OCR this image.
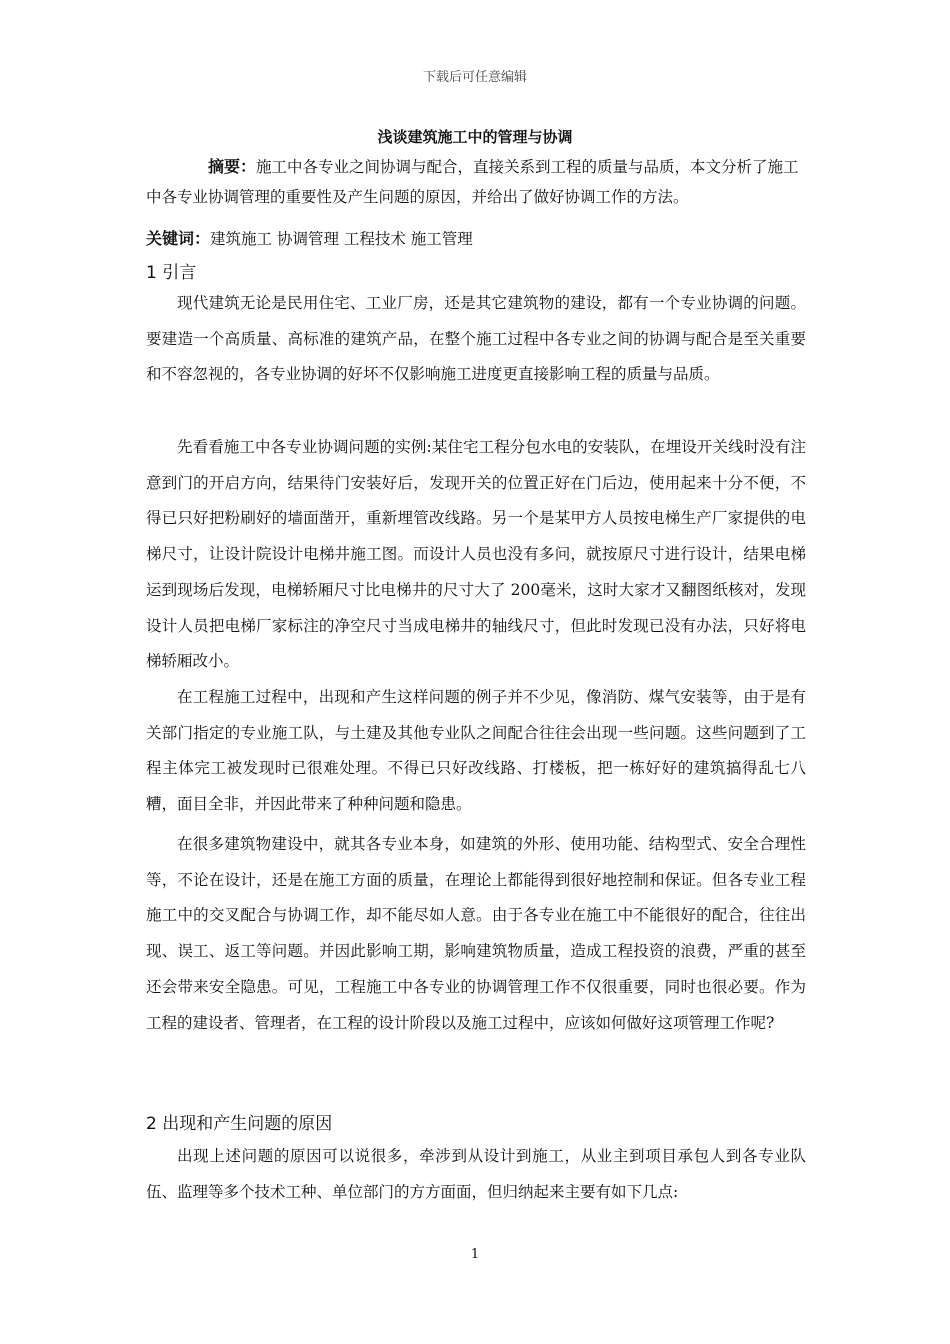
下载后可任意编辑
浅谈建筑施工中的管理与协调
摘要：施工中各专业之间协调与配合，直接关系到工程的质量与品质，本文分析了施工中各专业协调管理的重要性及产生问题的原因，并给出了做好协调工作的方法。
关键词：建筑施工 协调管理 工程技术 施工管理
1 引言

现代建筑无论是民用住宅、工业厂房，还是其它建筑物的建设，都有一个专业协调的问题。要建造一个高质量、高标准的建筑产品，在整个施工过程中各专业之间的协调与配合是至关重要和不容忽视的，各专业协调的好坏不仅影响施工进度更直接影响工程的质量与品质。

先看看施工中各专业协调问题的实例:某住宅工程分包水电的安装队，在埋设开关线时没有注意到门的开启方向，结果待门安装好后，发现开关的位置正好在门后边，使用起来十分不便，不得已只好把粉刷好的墙面凿开，重新埋管改线路。另一个是某甲方人员按电梯生产厂家提供的电梯尺寸，让设计院设计电梯井施工图。而设计人员也没有多问，就按原尺寸进行设计，结果电梯运到现场后发现，电梯轿厢尺寸比电梯井的尺寸大了 200毫米，这时大家才又翻图纸核对，发现设计人员把电梯厂家标注的净空尺寸当成电梯井的轴线尺寸，但此时发现已没有办法，只好将电梯轿厢改小。

在工程施工过程中，出现和产生这样问题的例子并不少见，像消防、煤气安装等，由于是有关部门指定的专业施工队，与土建及其他专业队之间配合往往会出现一些问题。这些问题到了工程主体完工被发现时已很难处理。不得已只好改线路、打楼板，把一栋好好的建筑搞得乱七八糟，面目全非，并因此带来了种种问题和隐患。

在很多建筑物建设中，就其各专业本身，如建筑的外形、使用功能、结构型式、安全合理性等，不论在设计，还是在施工方面的质量，在理论上都能得到很好地控制和保证。但各专业工程施工中的交叉配合与协调工作，却不能尽如人意。由于各专业在施工中不能很好的配合，往往出现、误工、返工等问题。并因此影响工期，影响建筑物质量，造成工程投资的浪费，严重的甚至还会带来安全隐患。可见，工程施工中各专业的协调管理工作不仅很重要，同时也很必要。作为工程的建设者、管理者，在工程的设计阶段以及施工过程中，应该如何做好这项管理工作呢?

2 出现和产生问题的原因

出现上述问题的原因可以说很多，牵涉到从设计到施工，从业主到项目承包人到各专业队伍、监理等多个技术工种、单位部门的方方面面，但归纳起来主要有如下几点:

1
